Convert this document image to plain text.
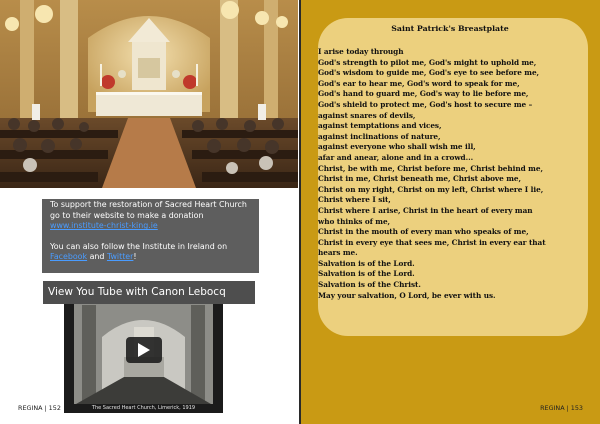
To support the restoration of Sacred Heart Church
go to their website to make a donation
www.institute-christ-king.ie

You can also follow the Institute in Ireland on
Facebook and Twitter!

The Sacred Heart Church, Limerick, 1919
View You Tube with Canon Lebocq
REGINA | 152
Saint Patrick's Breastplate
I arise today through
God's strength to pilot me, God's might to uphold me,
God's wisdom to guide me, God's eye to see before me,
God's ear to hear me, God's word to speak for me,
God's hand to guard me, God's way to lie before me,
God's shield to protect me, God's host to secure me –
against snares of devils,
against temptations and vices,
against inclinations of nature,
against everyone who shall wish me ill,
afar and anear, alone and in a crowd...
Christ, be with me, Christ before me, Christ behind me,
Christ in me, Christ beneath me, Christ above me,
Christ on my right, Christ on my left, Christ where I lie,
Christ where I sit,
Christ where I arise, Christ in the heart of every man
who thinks of me,
Christ in the mouth of every man who speaks of me,
Christ in every eye that sees me, Christ in every ear that
hears me.
Salvation is of the Lord.
Salvation is of the Lord.
Salvation is of the Christ.
May your salvation, O Lord, be ever with us.
REGINA | 153
